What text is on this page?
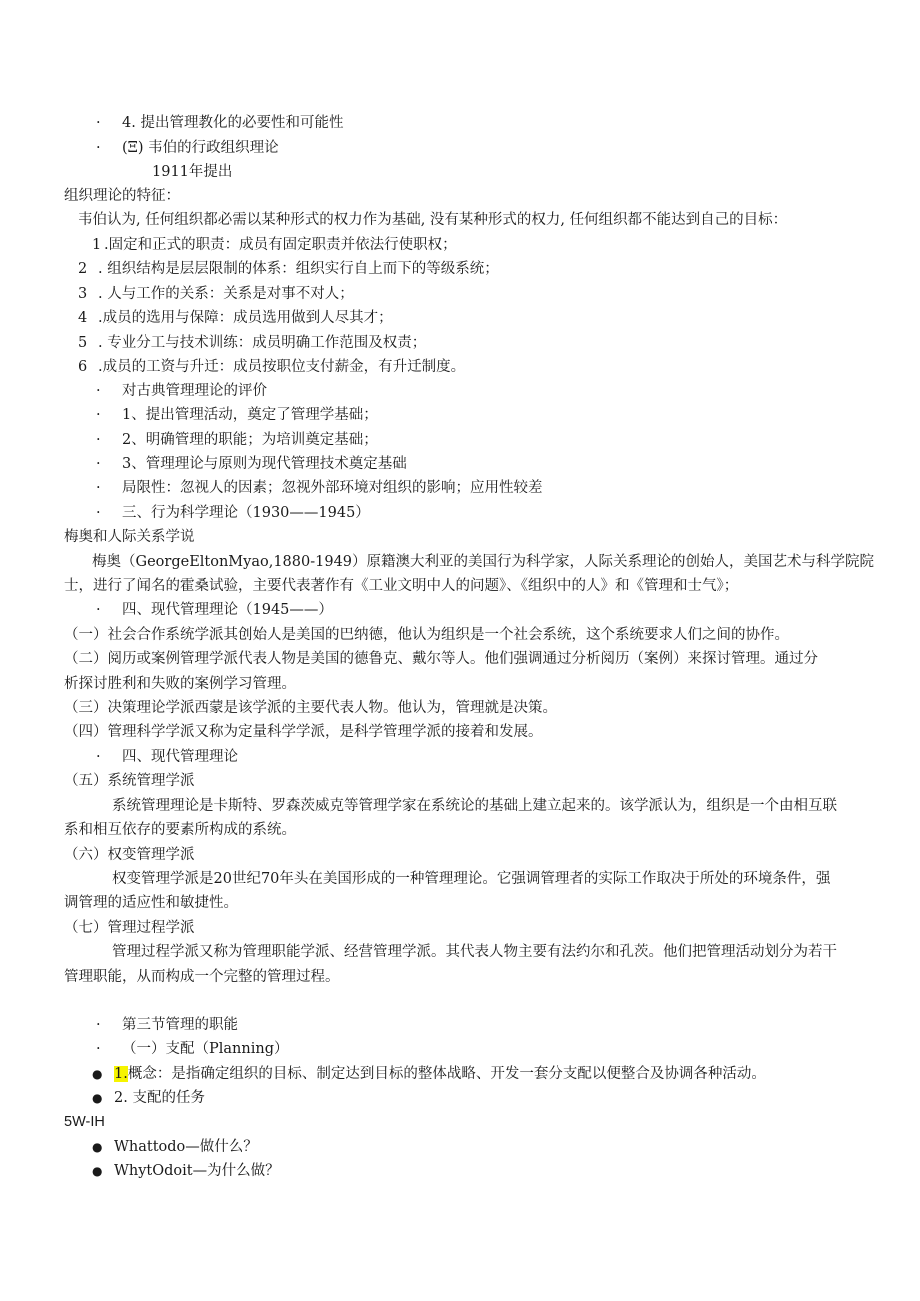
· 4. 提出管理教化的必要性和可能性
· (Ξ) 韦伯的行政组织理论
1911年提出
组织理论的特征：
韦伯认为, 任何组织都必需以某种形式的权力作为基础, 没有某种形式的权力, 任何组织都不能达到自己的目标：
1 .固定和正式的职责：成员有固定职责并依法行使职权；
2 . 组织结构是层层限制的体系：组织实行自上而下的等级系统；
3 . 人与工作的关系：关系是对事不对人；
4 .成员的选用与保障：成员选用做到人尽其才；
5 . 专业分工与技术训练：成员明确工作范围及权责；
6 .成员的工资与升迁：成员按职位支付薪金，有升迁制度。
· 对古典管理理论的评价
· 1、提出管理活动，奠定了管理学基础；
· 2、明确管理的职能；为培训奠定基础；
· 3、管理理论与原则为现代管理技术奠定基础
· 局限性：忽视人的因素；忽视外部环境对组织的影响；应用性较差
· 三、行为科学理论（1930——1945）
梅奥和人际关系学说
梅奥（GeorgeEltonMyao,1880-1949）原籍澳大利亚的美国行为科学家，人际关系理论的创始人，美国艺术与科学院院
士，进行了闻名的霍桑试验，主要代表著作有《工业文明中人的问题》、《组织中的人》和《管理和士气》；
· 四、现代管理理论（1945——）
（一）社会合作系统学派其创始人是美国的巴纳德，他认为组织是一个社会系统，这个系统要求人们之间的协作。
（二）阅历或案例管理学派代表人物是美国的德鲁克、戴尔等人。他们强调通过分析阅历（案例）来探讨管理。通过分
析探讨胜利和失败的案例学习管理。
（三）决策理论学派西蒙是该学派的主要代表人物。他认为，管理就是决策。
（四）管理科学学派又称为定量科学学派，是科学管理学派的接着和发展。
· 四、现代管理理论
（五）系统管理学派
系统管理理论是卡斯特、罗森茨威克等管理学家在系统论的基础上建立起来的。该学派认为，组织是一个由相互联
系和相互依存的要素所构成的系统。
（六）权变管理学派
权变管理学派是20世纪70年头在美国形成的一种管理理论。它强调管理者的实际工作取决于所处的环境条件，强
调管理的适应性和敏捷性。
（七）管理过程学派
管理过程学派又称为管理职能学派、经营管理学派。其代表人物主要有法约尔和孔茨。他们把管理活动划分为若干
管理职能，从而构成一个完整的管理过程。
· 第三节管理的职能
· （一）支配（Planning）
● 1.概念：是指确定组织的目标、制定达到目标的整体战略、开发一套分支配以便整合及协调各种活动。
● 2. 支配的任务
5W-IH
● Whattodo—做什么？
● WhytOdoit—为什么做？
